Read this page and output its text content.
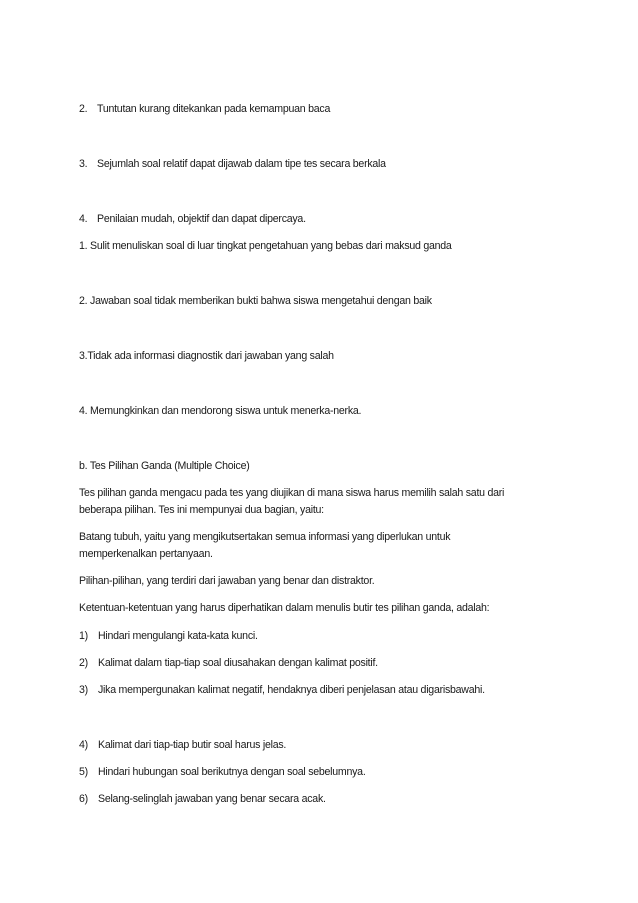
2. Tuntutan kurang ditekankan pada kemampuan baca
3. Sejumlah soal relatif dapat dijawab dalam tipe tes secara berkala
4. Penilaian mudah, objektif dan dapat dipercaya.
1. Sulit menuliskan soal di luar tingkat pengetahuan yang bebas dari maksud ganda
2. Jawaban soal tidak memberikan bukti bahwa siswa mengetahui dengan baik
3.Tidak ada informasi diagnostik dari jawaban yang salah
4. Memungkinkan dan mendorong siswa untuk menerka-nerka.
b. Tes Pilihan Ganda (Multiple Choice)
Tes pilihan ganda mengacu pada tes yang diujikan di mana siswa harus memilih salah satu dari
beberapa pilihan. Tes ini mempunyai dua bagian, yaitu:
Batang tubuh, yaitu yang mengikutsertakan semua informasi yang diperlukan untuk
memperkenalkan pertanyaan.
Pilihan-pilihan, yang terdiri dari jawaban yang benar dan distraktor.
Ketentuan-ketentuan yang harus diperhatikan dalam menulis butir tes pilihan ganda, adalah:
1) Hindari mengulangi kata-kata kunci.
2) Kalimat dalam tiap-tiap soal diusahakan dengan kalimat positif.
3) Jika mempergunakan kalimat negatif, hendaknya diberi penjelasan atau digarisbawahi.
4) Kalimat dari tiap-tiap butir soal harus jelas.
5) Hindari hubungan soal berikutnya dengan soal sebelumnya.
6) Selang-selinglah jawaban yang benar secara acak.
